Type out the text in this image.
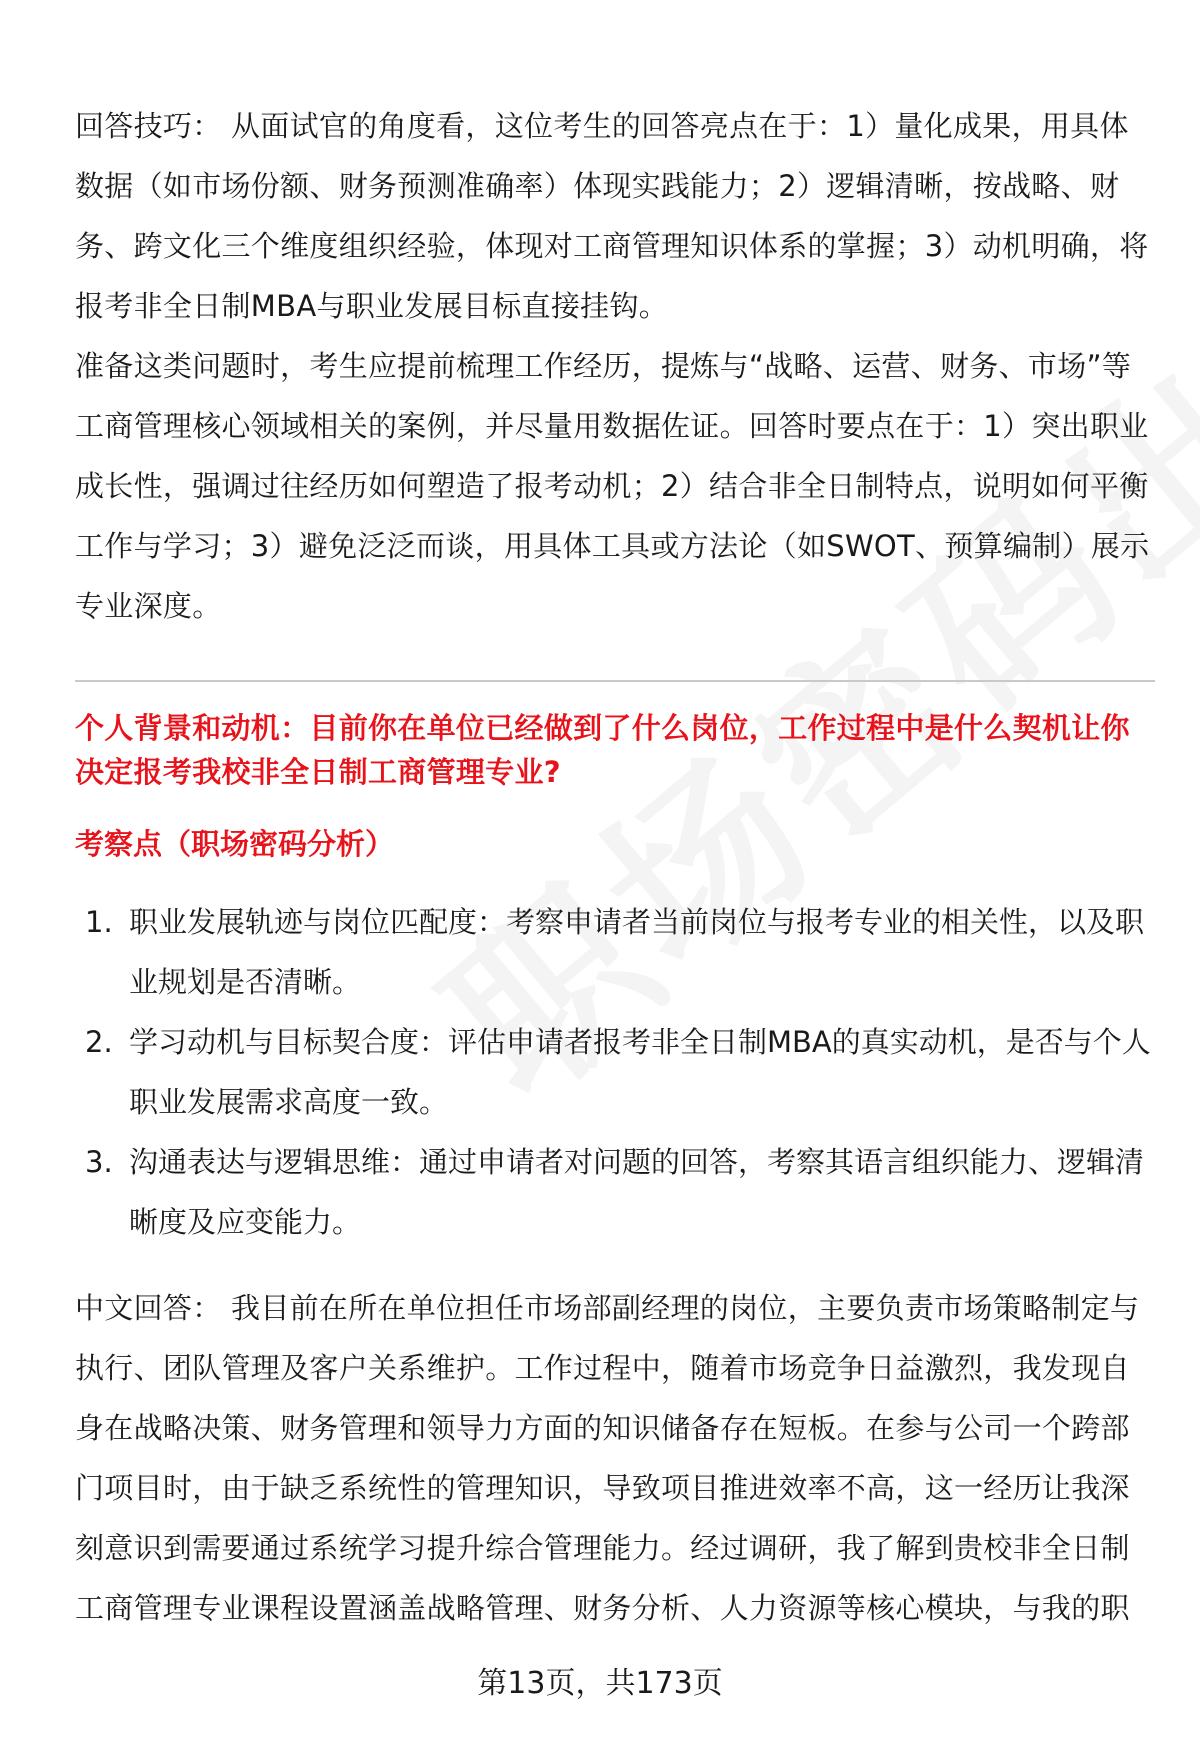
回答技巧： 从面试官的角度看，这位考生的回答亮点在于：1）量化成果，用具体数据（如市场份额、财务预测准确率）体现实践能力；2）逻辑清晰，按战略、财务、跨文化三个维度组织经验，体现对工商管理知识体系的掌握；3）动机明确，将报考非全日制MBA与职业发展目标直接挂钩。

准备这类问题时，考生应提前梳理工作经历，提炼与“战略、运营、财务、市场”等工商管理核心领域相关的案例，并尽量用数据佐证。回答时要点在于：1）突出职业成长性，强调过往经历如何塑造了报考动机；2）结合非全日制特点，说明如何平衡工作与学习；3）避免泛泛而谈，用具体工具或方法论（如SWOT、预算编制）展示专业深度。

个人背景和动机：目前你在单位已经做到了什么岗位，工作过程中是什么契机让你决定报考我校非全日制工商管理专业?

考察点（职场密码分析）

1. 职业发展轨迹与岗位匹配度：考察申请者当前岗位与报考专业的相关性，以及职业规划是否清晰。
2. 学习动机与目标契合度：评估申请者报考非全日制MBA的真实动机，是否与个人职业发展需求高度一致。
3. 沟通表达与逻辑思维：通过申请者对问题的回答，考察其语言组织能力、逻辑清晰度及应变能力。

中文回答： 我目前在所在单位担任市场部副经理的岗位，主要负责市场策略制定与执行、团队管理及客户关系维护。工作过程中，随着市场竞争日益激烈，我发现自身在战略决策、财务管理和领导力方面的知识储备存在短板。在参与公司一个跨部门项目时，由于缺乏系统性的管理知识，导致项目推进效率不高，这一经历让我深刻意识到需要通过系统学习提升综合管理能力。经过调研，我了解到贵校非全日制工商管理专业课程设置涵盖战略管理、财务分析、人力资源等核心模块，与我的职

第13页，共173页
